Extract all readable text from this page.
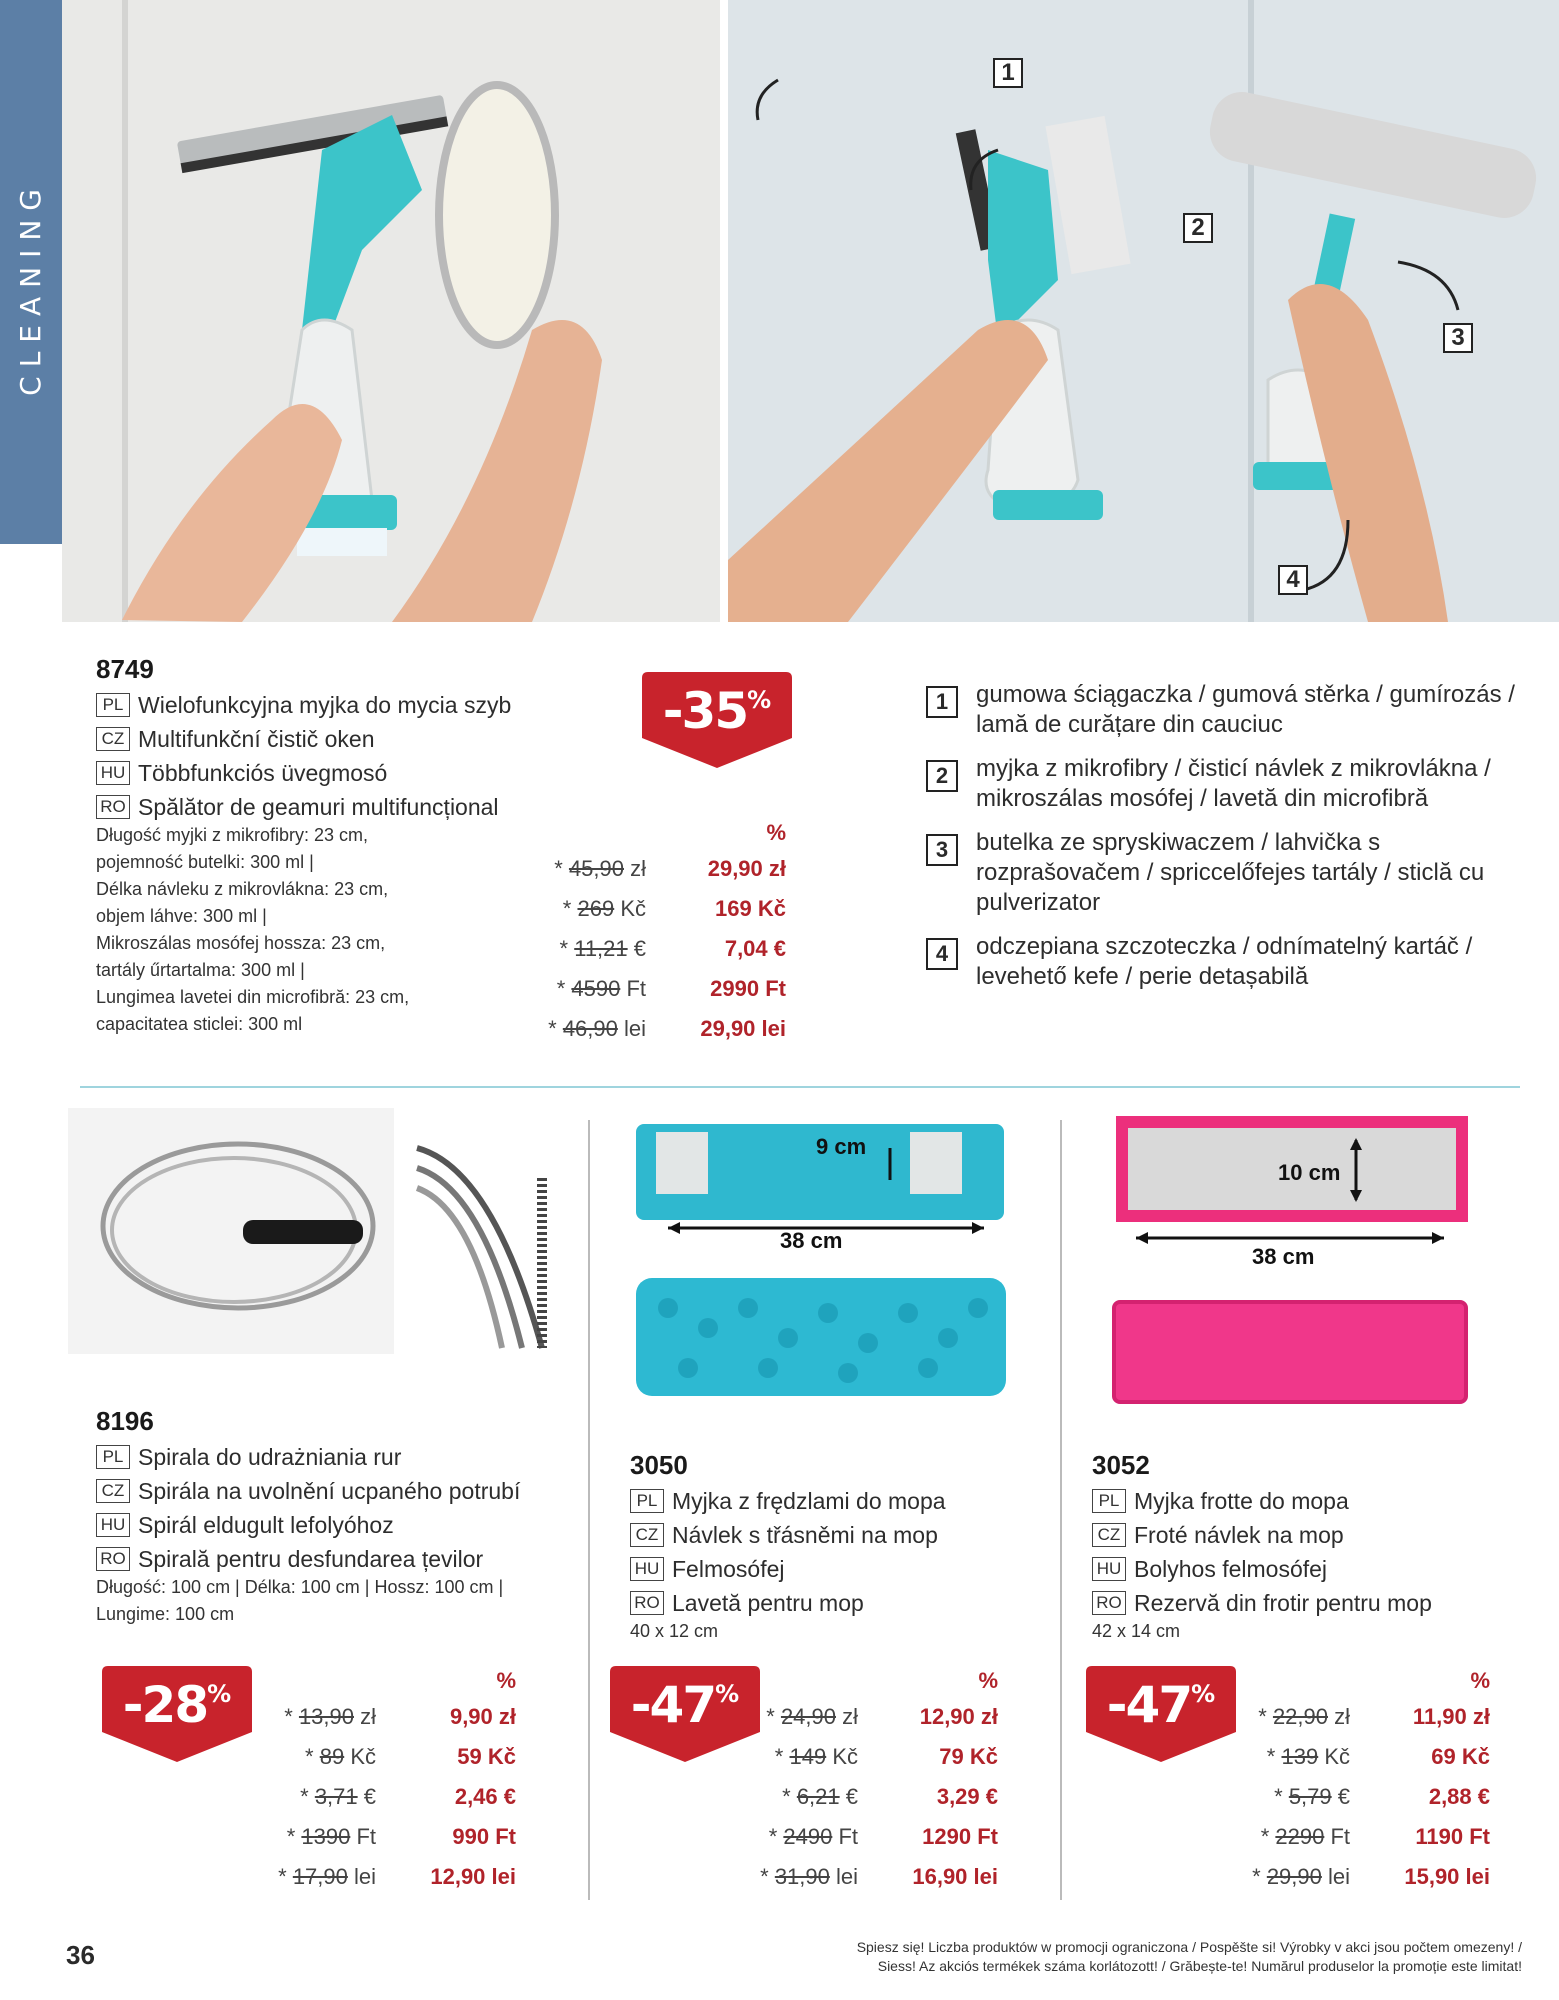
CLEANING
1
2
3
4
8749
PL Wielofunkcyjna myjka do mycia szyb
CZ Multifunkční čistič oken
HU Többfunkciós üvegmosó
RO Spălător de geamuri multifuncțional
Długość myjki z mikrofibry: 23 cm,
pojemność butelki: 300 ml |
Délka návleku z mikrovlákna: 23 cm,
objem láhve: 300 ml |
Mikroszálas mosófej hossza: 23 cm,
tartály űrtartalma: 300 ml |
Lungimea lavetei din microfibră: 23 cm,
capacitatea sticlei: 300 ml
-35%
%
* 45,90 zł	29,90 zł
* 269 Kč	169 Kč
* 11,21 €	7,04 €
* 4590 Ft	2990 Ft
* 46,90 lei 29,90 lei
1	gumowa ściągaczka / gumová stěrka / gumírozás / lamă de curățare din cauciuc
2	myjka z mikrofibry / čisticí návlek z mikrovlákna / mikroszálas mosófej / lavetă din microfibră
3	butelka ze spryskiwaczem / lahvička s rozprašovačem / spriccelőfejes tartály / sticlă cu pulverizator
4	odczepiana szczoteczka / odnímatelný kartáč / levehető kefe / perie detașabilă
8196
PL Spirala do udrażniania rur
CZ Spirála na uvolnění ucpaného potrubí
HU Spirál eldugult lefolyóhoz
RO Spirală pentru desfundarea țevilor
Długość: 100 cm | Délka: 100 cm | Hossz: 100 cm |
Lungime: 100 cm
-28%	%
* 13,90 zł	9,90 zł
* 89 Kč	59 Kč
* 3,71 €	2,46 €
* 1390 Ft	990 Ft
* 17,90 lei 12,90 lei
9 cm
38 cm
3050
PL Myjka z frędzlami do mopa
CZ Návlek s třásněmi na mop
HU Felmosófej
RO Lavetă pentru mop
40 x 12 cm
-47%	%
* 24,90 zł	12,90 zł
* 149 Kč	79 Kč
* 6,21 €	3,29 €
* 2490 Ft	1290 Ft
* 31,90 lei 16,90 lei
10 cm
38 cm
3052
PL Myjka frotte do mopa
CZ Froté návlek na mop
HU Bolyhos felmosófej
RO Rezervă din frotir pentru mop
42 x 14 cm
-47%	%
* 22,90 zł	11,90 zł
* 139 Kč	69 Kč
* 5,79 €	2,88 €
* 2290 Ft	1190 Ft
* 29,90 lei 15,90 lei
36	Spiesz się! Liczba produktów w promocji ograniczona / Pospěšte si! Výrobky v akci jsou počtem omezeny! /
Siess! Az akciós termékek száma korlátozott! / Grăbește-te! Numărul produselor la promoție este limitat!
